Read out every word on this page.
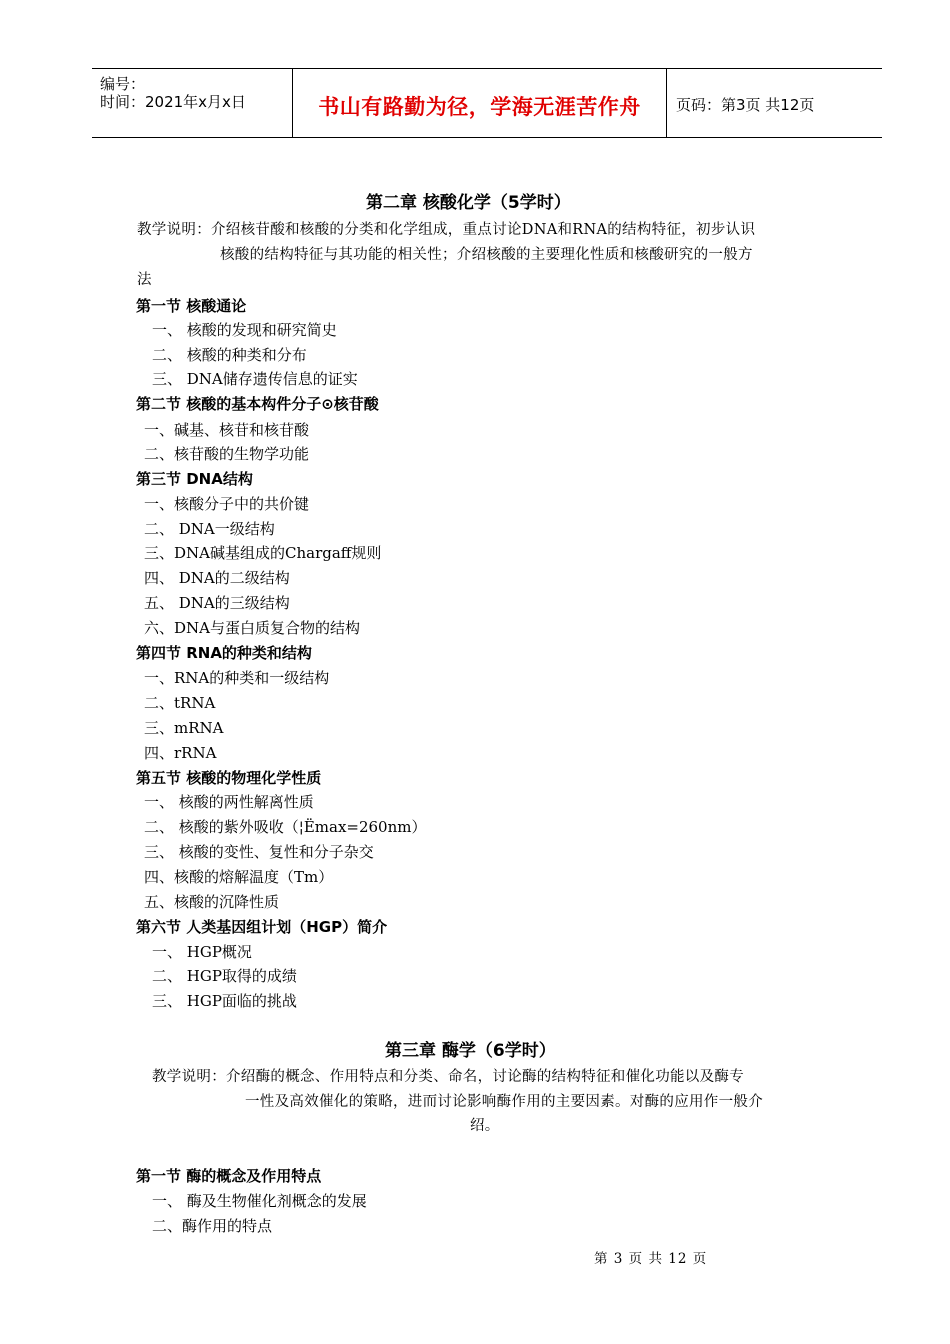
编号：
时间：2021年x月x日	书山有路勤为径，学海无涯苦作舟	页码：第3页 共12页
第二章 核酸化学（5学时）
教学说明：介绍核苷酸和核酸的分类和化学组成，重点讨论DNA和RNA的结构特征，初步认识
核酸的结构特征与其功能的相关性；介绍核酸的主要理化性质和核酸研究的一般方
法
第一节 核酸通论
一、 核酸的发现和研究简史
二、 核酸的种类和分布
三、 DNA储存遗传信息的证实
第二节 核酸的基本构件分子⊙核苷酸
一、碱基、核苷和核苷酸
二、核苷酸的生物学功能
第三节 DNA结构
一、核酸分子中的共价键
二、 DNA一级结构
三、DNA碱基组成的Chargaff规则
四、 DNA的二级结构
五、 DNA的三级结构
六、DNA与蛋白质复合物的结构
第四节 RNA的种类和结构
一、RNA的种类和一级结构
二、tRNA
三、mRNA
四、rRNA
第五节 核酸的物理化学性质
一、 核酸的两性解离性质
二、 核酸的紫外吸收（¦Ëmax=260nm）
三、 核酸的变性、复性和分子杂交
四、核酸的熔解温度（Tm）
五、核酸的沉降性质
第六节 人类基因组计划（HGP）简介
一、 HGP概况
二、 HGP取得的成绩
三、 HGP面临的挑战
第三章 酶学（6学时）
教学说明：介绍酶的概念、作用特点和分类、命名，讨论酶的结构特征和催化功能以及酶专
一性及高效催化的策略，进而讨论影响酶作用的主要因素。对酶的应用作一般介
绍。
第一节 酶的概念及作用特点
一、 酶及生物催化剂概念的发展
二、酶作用的特点
第 3 页 共 12 页
